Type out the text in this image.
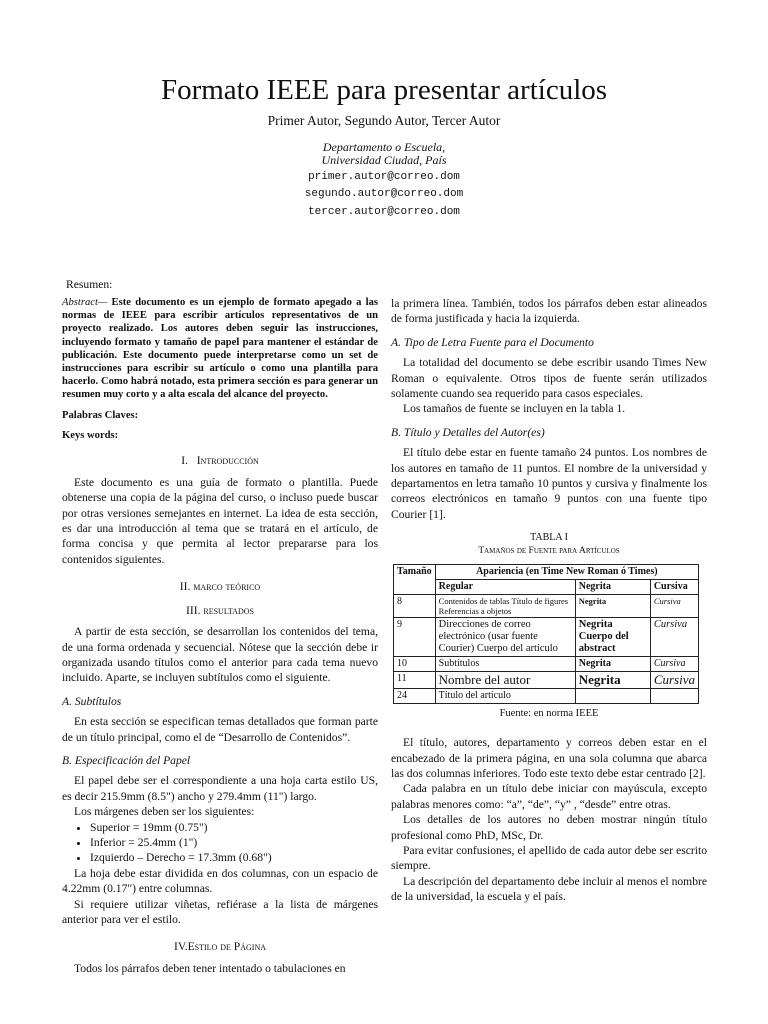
Formato IEEE para presentar artículos
Primer Autor, Segundo Autor, Tercer Autor
Departamento o Escuela,
Universidad Ciudad, País
primer.autor@correo.dom
segundo.autor@correo.dom
tercer.autor@correo.dom
Resumen:

Abstract— Este documento es un ejemplo de formato apegado a las normas de IEEE para escribir artículos representativos de un proyecto realizado. Los autores deben seguir las instrucciones, incluyendo formato y tamaño de papel para mantener el estándar de publicación. Este documento puede interpretarse como un set de instrucciones para escribir su artículo o como una plantilla para hacerlo. Como habrá notado, esta primera sección es para generar un resumen muy corto y a alta escala del alcance del proyecto.

Palabras Claves:

Keys words:

I. Introducción

Este documento es una guía de formato o plantilla. Puede obtenerse una copia de la página del curso, o incluso puede buscar por otras versiones semejantes en internet. La idea de esta sección, es dar una introducción al tema que se tratará en el artículo, de forma concisa y que permita al lector prepararse para los contenidos siguientes.

II. marco teórico
III. resultados

A partir de esta sección, se desarrollan los contenidos del tema, de una forma ordenada y secuencial. Nótese que la sección debe ir organizada usando títulos como el anterior para cada tema nuevo incluido. Aparte, se incluyen subtítulos como el siguiente.

A. Subtítulos

En esta sección se especifican temas detallados que forman parte de un título principal, como el de “Desarrollo de Contenidos”.

B. Especificación del Papel

El papel debe ser el correspondiente a una hoja carta estilo US, es decir 215.9mm (8.5") ancho y 279.4mm (11") largo.

Los márgenes deben ser los siguientes:

• Superior = 19mm (0.75")
• Inferior = 25.4mm (1")
• Izquierdo – Derecho = 17.3mm (0.68")

La hoja debe estar dividida en dos columnas, con un espacio de 4.22mm (0.17") entre columnas.

Si requiere utilizar viñetas, refiérase a la lista de márgenes anterior para ver el estilo.

IV.Estilo de Página

Todos los párrafos deben tener intentado o tabulaciones en

la primera línea. También, todos los párrafos deben estar alineados de forma justificada y hacia la izquierda.

A. Tipo de Letra Fuente para el Documento

La totalidad del documento se debe escribir usando Times New Roman o equivalente. Otros tipos de fuente serán utilizados solamente cuando sea requerido para casos especiales.

Los tamaños de fuente se incluyen en la tabla 1.

B. Título y Detalles del Autor(es)

El título debe estar en fuente tamaño 24 puntos. Los nombres de los autores en tamaño de 11 puntos. El nombre de la universidad y departamentos en letra tamaño 10 puntos y cursiva y finalmente los correos electrónicos en tamaño 9 puntos con una fuente tipo Courier [1].

TABLA I
Tamaños de Fuente para Artículos
Tamaño	Apariencia (en Time New Roman ó Times)		
	Regular	Negrita	Cursiva
8	Contenidos de tablas Título de figures Referencias a objetos	Negrita	Cursiva
9	Direcciones de correo electrónico (usar fuente Courier) Cuerpo del artículo	Negrita Cuerpo del abstract	Cursiva
10	Subtítulos	Negrita	Cursiva
11	Nombre del autor	Negrita	Cursiva
24	Título del artículo		
Fuente: en norma IEEE

El título, autores, departamento y correos deben estar en el encabezado de la primera página, en una sola columna que abarca las dos columnas inferiores. Todo este texto debe estar centrado [2].

Cada palabra en un título debe iniciar con mayúscula, excepto palabras menores como: “a”, “de”, “y” , “desde” entre otras.

Los detalles de los autores no deben mostrar ningún título profesional como PhD, MSc, Dr.

Para evitar confusiones, el apellido de cada autor debe ser escrito siempre.

La descripción del departamento debe incluir al menos el nombre de la universidad, la escuela y el país.
